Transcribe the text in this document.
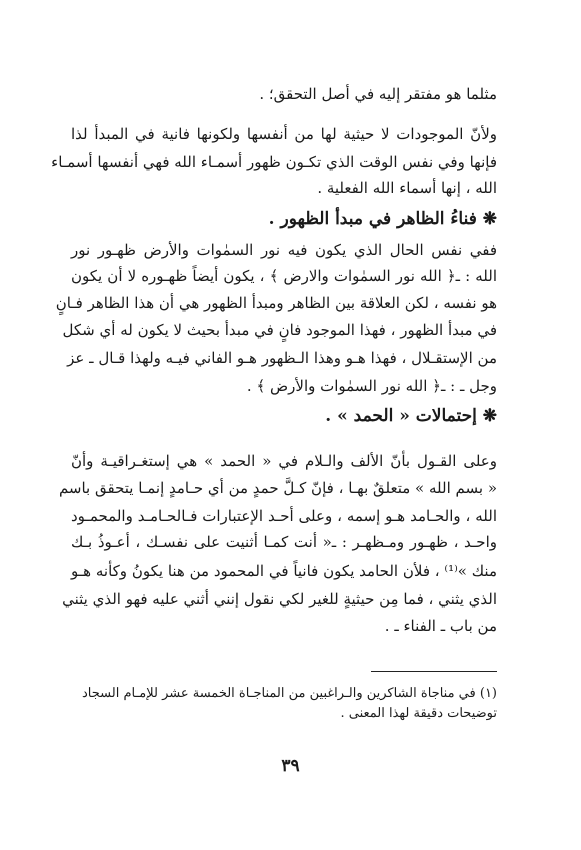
مثلما هو مفتقر إليه في أصل التحقق؛ .
ولأنّ الموجودات لا حيثية لها من أنفسها ولكونها فانية في المبدأ لذا
فإنها وفي نفس الوقت الذي تكـون ظهور أسمـاء الله فهي أنفسها أسمـاء
الله ، إنها أسماء الله الفعلية .
❋ فناءُ الظاهر في مبدأ الظهور .
ففي نفس الحال الذي يكون فيه نور السمٰوات والأرض ظهـور نور
الله : ـ﴿ الله نور السمٰوات والارض ﴾ ، يكون أيضاً ظهـوره لا أن يكون
هو نفسه ، لكن العلاقة بين الظاهر ومبدأ الظهور هي أن هذا الظاهر فـانٍ
في مبدأ الظهور ، فهذا الموجود فانٍ في مبدأ بحيث لا يكون له أي شكل
من الإستقـلال ، فهذا هـو وهذا الـظهور هـو الفاني فيـه ولهذا قـال ـ عز
وجل ـ : ـ﴿ الله نور السمٰوات والأرض ﴾ .
❋ إحتمالات « الحمد » .
وعلى القـول بأنّ الألف والـلام في « الحمد » هي إستغـراقيـة وأنّ
« بسم الله » متعلقٌ بهـا ، فإنّ كـلَّ حمدٍ من أي حـامدٍ إنمـا يتحقق باسم
الله ، والحـامد هـو إسمه ، وعلى أحـد الإعتبارات فـالحـامـد والمحمـود
واحـد ، ظهـور ومـظهـر : ـ« أنت كمـا أثنيت على نفسـك ، أعـوذُ بـك
منك »⁽¹⁾ ، فلأن الحامد يكون فانياً في المحمود من هنا يكونُ وكأنه هـو
الذي يثني ، فما مِن حيثيةٍ للغير لكي نقول إنني أثني عليه فهو الذي يثني
من باب ـ الفناء ـ .
(١) في مناجاة الشاكرين والـراغبين من المناجـاة الخمسة عشر للإمـام السجاد
توضيحات دقيقة لهذا المعنى .
٣٩
